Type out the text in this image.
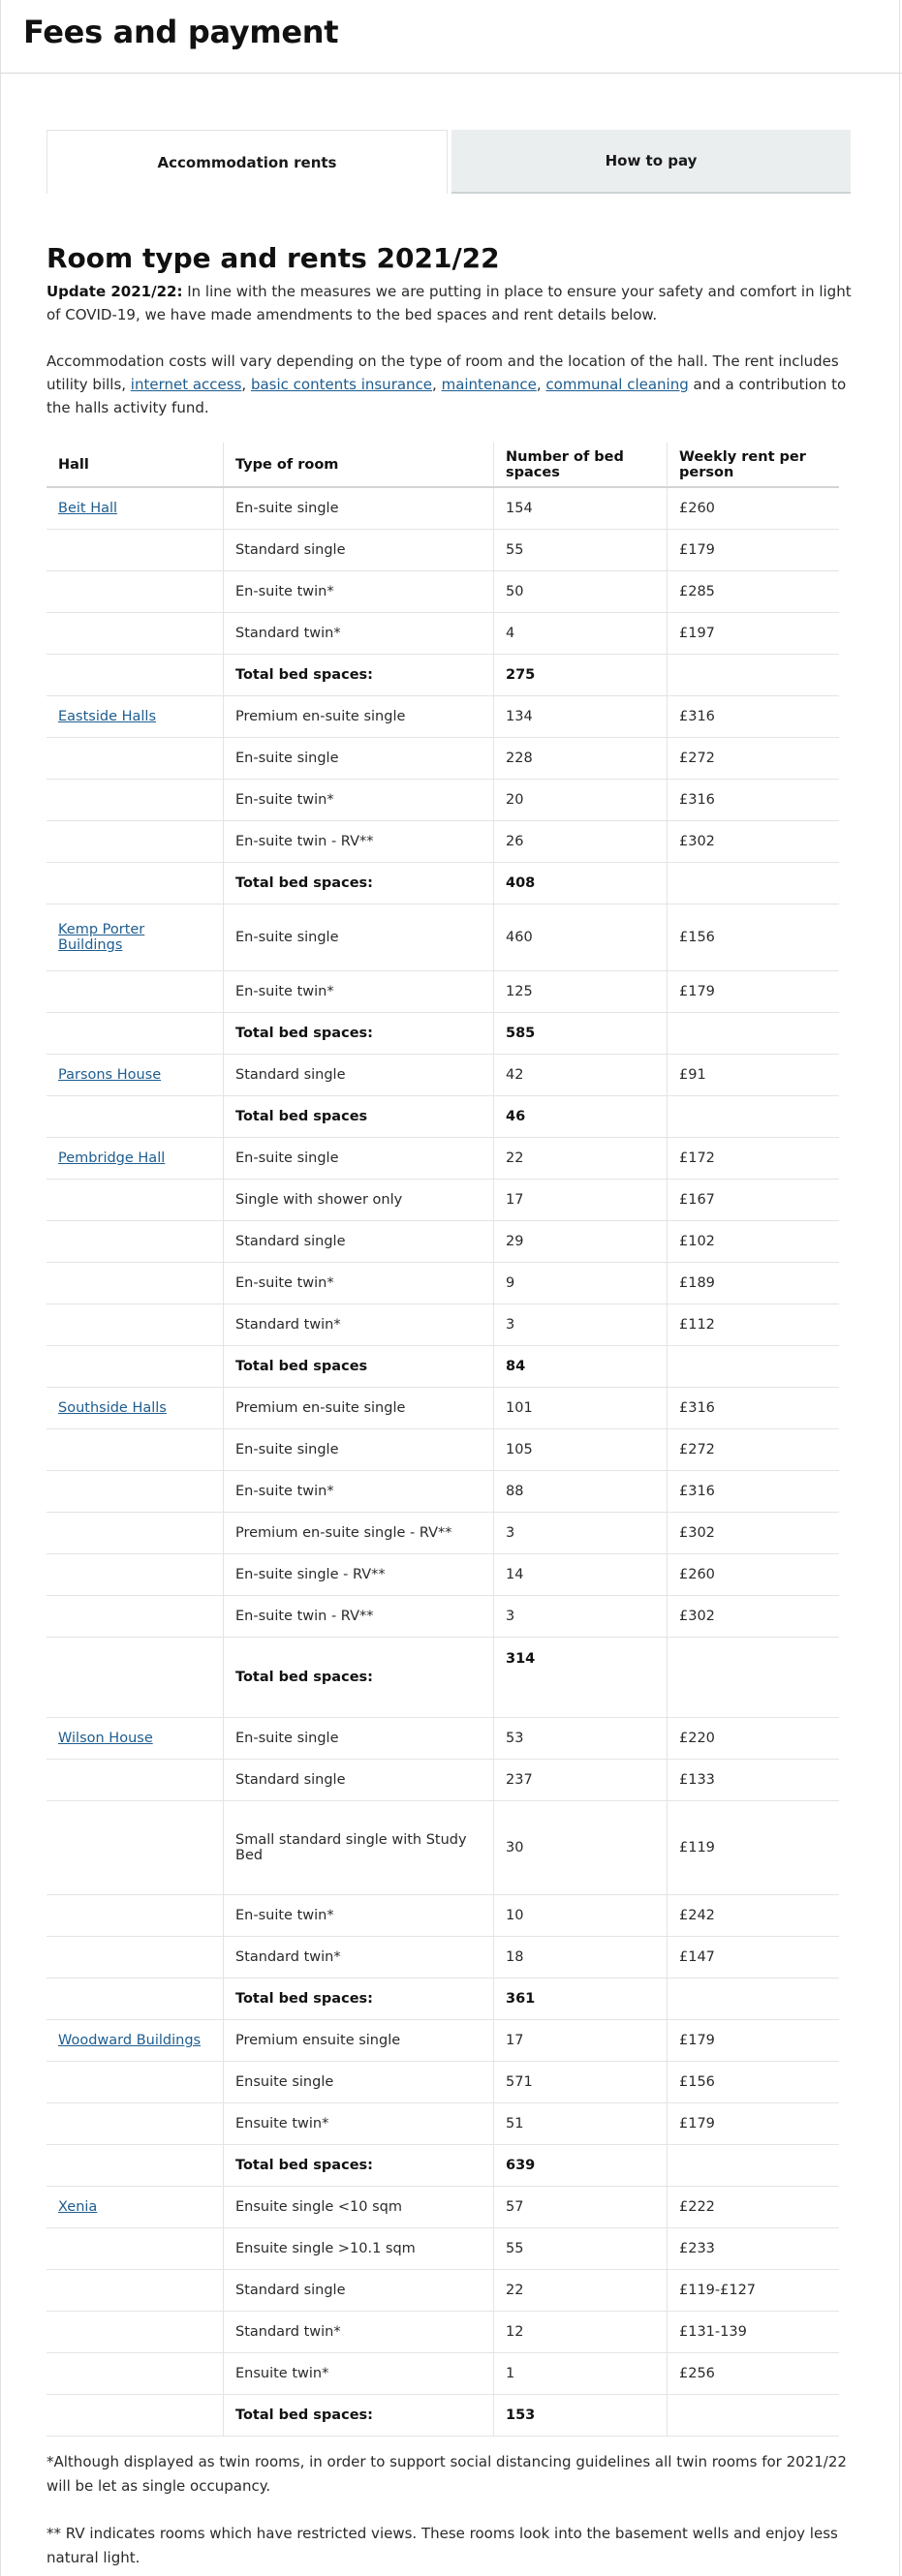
Fees and payment
Accommodation rents	How to pay
Room type and rents 2021/22

Update 2021/22: In line with the measures we are putting in place to ensure your safety and comfort in light of COVID-19, we have made amendments to the bed spaces and rent details below.

Accommodation costs will vary depending on the type of room and the location of the hall. The rent includes utility bills, internet access, basic contents insurance, maintenance, communal cleaning and a contribution to the halls activity fund.

Hall	Type of room	Number of bed spaces	Weekly rent per person
Beit Hall	En-suite single	154	£260
	Standard single	55	£179
	En-suite twin*	50	£285
	Standard twin*	4	£197
	Total bed spaces:	275	
Eastside Halls	Premium en-suite single	134	£316
	En-suite single	228	£272
	En-suite twin*	20	£316
	En-suite twin - RV**	26	£302
	Total bed spaces:	408	
Kemp Porter Buildings	En-suite single	460	£156
	En-suite twin*	125	£179
	Total bed spaces:	585	
Parsons House	Standard single	42	£91
	Total bed spaces	46	
Pembridge Hall	En-suite single	22	£172
	Single with shower only	17	£167
	Standard single	29	£102
	En-suite twin*	9	£189
	Standard twin*	3	£112
	Total bed spaces	84	
Southside Halls	Premium en-suite single	101	£316
	En-suite single	105	£272
	En-suite twin*	88	£316
	Premium en-suite single - RV**	3	£302
	En-suite single - RV**	14	£260
	En-suite twin - RV**	3	£302
	Total bed spaces:	314	
Wilson House	En-suite single	53	£220
	Standard single	237	£133
	Small standard single with Study Bed	30	£119
	En-suite twin*	10	£242
	Standard twin*	18	£147
	Total bed spaces:	361	
Woodward Buildings	Premium ensuite single	17	£179
	Ensuite single	571	£156
	Ensuite twin*	51	£179
	Total bed spaces:	639	
Xenia	Ensuite single <10 sqm	57	£222
	Ensuite single >10.1 sqm	55	£233
	Standard single	22	£119-£127
	Standard twin*	12	£131-139
	Ensuite twin*	1	£256
	Total bed spaces:	153	

*Although displayed as twin rooms, in order to support social distancing guidelines all twin rooms for 2021/22 will be let as single occupancy.

** RV indicates rooms which have restricted views. These rooms look into the basement wells and enjoy less natural light.
